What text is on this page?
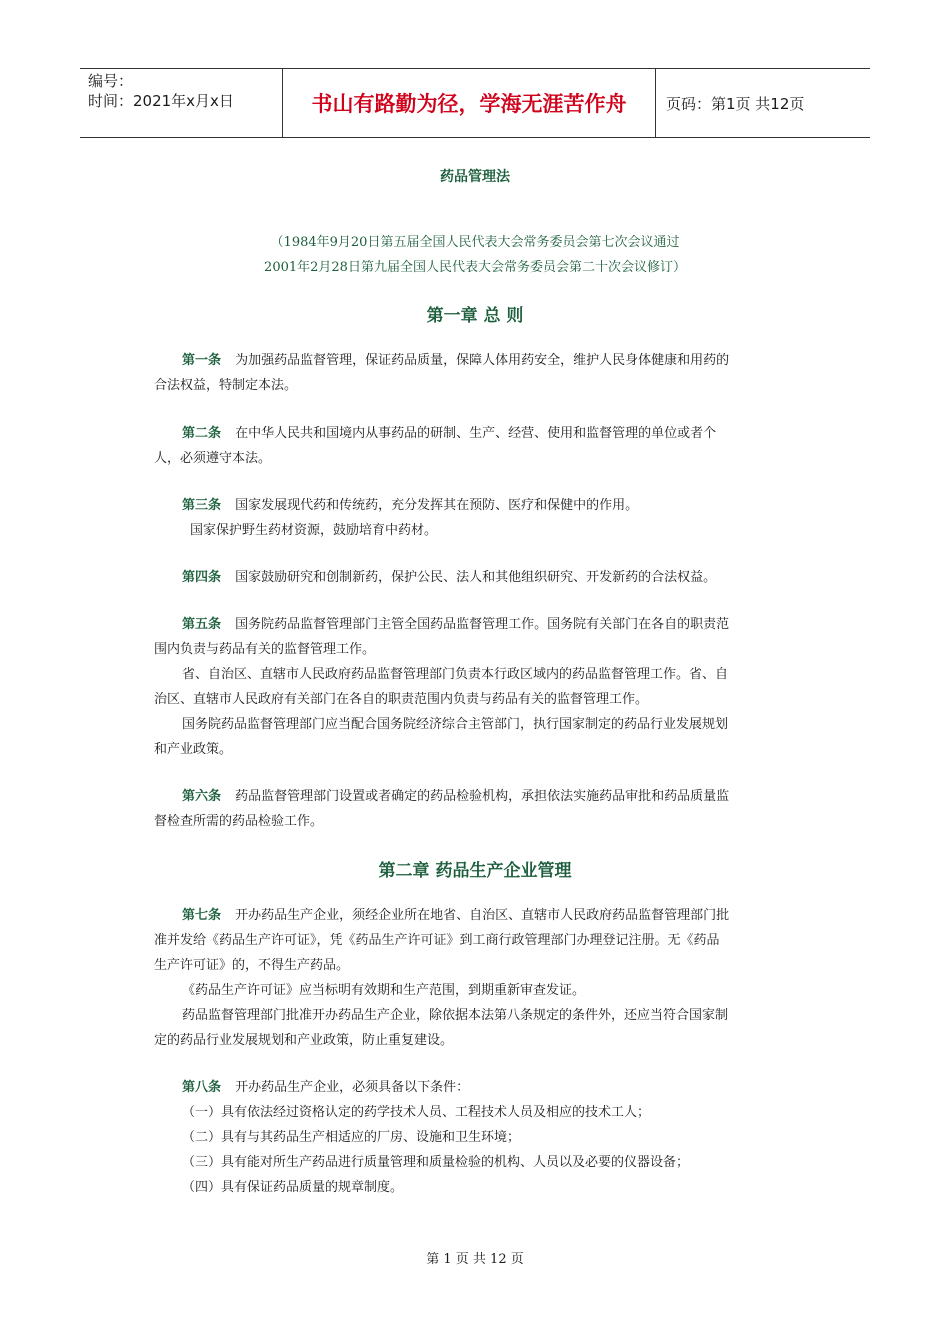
编号：
时间：2021年x月x日	书山有路勤为径，学海无涯苦作舟	页码：第1页 共12页
药品管理法
（1984年9月20日第五届全国人民代表大会常务委员会第七次会议通过
2001年2月28日第九届全国人民代表大会常务委员会第二十次会议修订）
第一章 总 则
第一条 为加强药品监督管理，保证药品质量，保障人体用药安全，维护人民身体健康和用药的
合法权益，特制定本法。
第二条 在中华人民共和国境内从事药品的研制、生产、经营、使用和监督管理的单位或者个
人，必须遵守本法。
第三条 国家发展现代药和传统药，充分发挥其在预防、医疗和保健中的作用。
国家保护野生药材资源，鼓励培育中药材。
第四条 国家鼓励研究和创制新药，保护公民、法人和其他组织研究、开发新药的合法权益。
第五条 国务院药品监督管理部门主管全国药品监督管理工作。国务院有关部门在各自的职责范
围内负责与药品有关的监督管理工作。
省、自治区、直辖市人民政府药品监督管理部门负责本行政区域内的药品监督管理工作。省、自
治区、直辖市人民政府有关部门在各自的职责范围内负责与药品有关的监督管理工作。
国务院药品监督管理部门应当配合国务院经济综合主管部门，执行国家制定的药品行业发展规划
和产业政策。
第六条 药品监督管理部门设置或者确定的药品检验机构，承担依法实施药品审批和药品质量监
督检查所需的药品检验工作。
第二章 药品生产企业管理
第七条 开办药品生产企业，须经企业所在地省、自治区、直辖市人民政府药品监督管理部门批
准并发给《药品生产许可证》，凭《药品生产许可证》到工商行政管理部门办理登记注册。无《药品
生产许可证》的，不得生产药品。
《药品生产许可证》应当标明有效期和生产范围，到期重新审查发证。
药品监督管理部门批准开办药品生产企业，除依据本法第八条规定的条件外，还应当符合国家制
定的药品行业发展规划和产业政策，防止重复建设。
第八条 开办药品生产企业，必须具备以下条件：
（一）具有依法经过资格认定的药学技术人员、工程技术人员及相应的技术工人；
（二）具有与其药品生产相适应的厂房、设施和卫生环境；
（三）具有能对所生产药品进行质量管理和质量检验的机构、人员以及必要的仪器设备；
（四）具有保证药品质量的规章制度。
第 1 页 共 12 页
